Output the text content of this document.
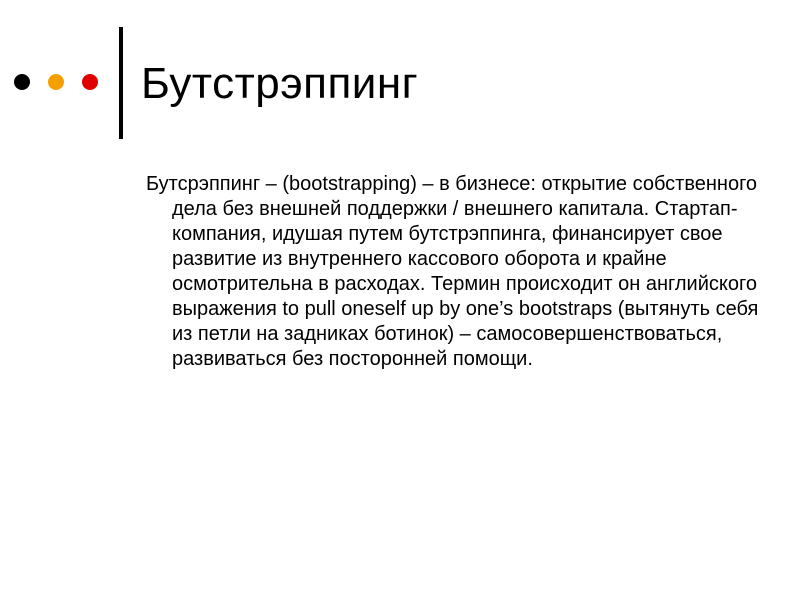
Бутстрэппинг

Бутсрэппинг – (bootstrapping) – в бизнесе: открытие собственного дела без внешней поддержки / внешнего капитала. Стартап-компания, идушая путем бутстрэппинга, финансирует свое развитие из внутреннего кассового оборота и крайне осмотрительна в расходах. Термин происходит он английского выражения to pull oneself up by one’s bootstraps (вытянуть себя из петли на задниках ботинок) – самосовершенствоваться, развиваться без посторонней помощи.
